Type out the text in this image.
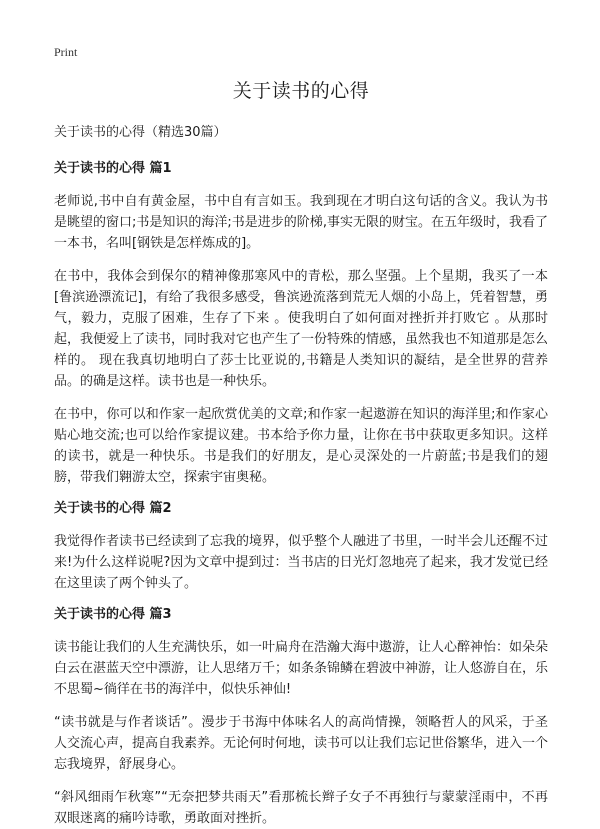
Print
关于读书的心得
关于读书的心得（精选30篇）
关于读书的心得 篇1

老师说,书中自有黄金屋，书中自有言如玉。我到现在才明白这句话的含义。我认为书是眺望的窗口;书是知识的海洋;书是进步的阶梯,事实无限的财宝。在五年级时，我看了一本书，名叫[钢铁是怎样炼成的]。

在书中，我体会到保尔的精神像那寒风中的青松，那么坚强。上个星期，我买了一本[鲁滨逊漂流记]，有给了我很多感受，鲁滨逊流落到荒无人烟的小岛上，凭着智慧，勇气，毅力，克服了困难，生存了下来 。使我明白了如何面对挫折并打败它 。从那时起，我便爱上了读书，同时我对它也产生了一份特殊的情感，虽然我也不知道那是怎么样的。 现在我真切地明白了莎士比亚说的,书籍是人类知识的凝结，是全世界的营养品。的确是这样。读书也是一种快乐。

在书中，你可以和作家一起欣赏优美的文章;和作家一起遨游在知识的海洋里;和作家心贴心地交流;也可以给作家提议建。书本给予你力量，让你在书中获取更多知识。这样的读书，就是一种快乐。书是我们的好朋友，是心灵深处的一片蔚蓝;书是我们的翅膀，带我们翱游太空，探索宇宙奥秘。

关于读书的心得 篇2

我觉得作者读书已经读到了忘我的境界，似乎整个人融进了书里，一时半会儿还醒不过来!为什么这样说呢?因为文章中提到过：当书店的日光灯忽地亮了起来，我才发觉已经在这里读了两个钟头了。

关于读书的心得 篇3

读书能让我们的人生充满快乐，如一叶扁舟在浩瀚大海中遨游，让人心醉神怡：如朵朵白云在湛蓝天空中漂游，让人思绪万千；如条条锦鳞在碧波中神游，让人悠游自在，乐不思蜀~徜徉在书的海洋中，似快乐神仙!

“读书就是与作者谈话”。漫步于书海中体味名人的高尚情操，领略哲人的风采，于圣人交流心声，提高自我素养。无论何时何地，读书可以让我们忘记世俗繁华，进入一个忘我境界，舒展身心。

“斜风细雨乍秋寒”“无奈把梦共雨天”看那梳长辫子女子不再独行与蒙蒙淫雨中，不再双眼迷离的痛吟诗歌，勇敢面对挫折。
